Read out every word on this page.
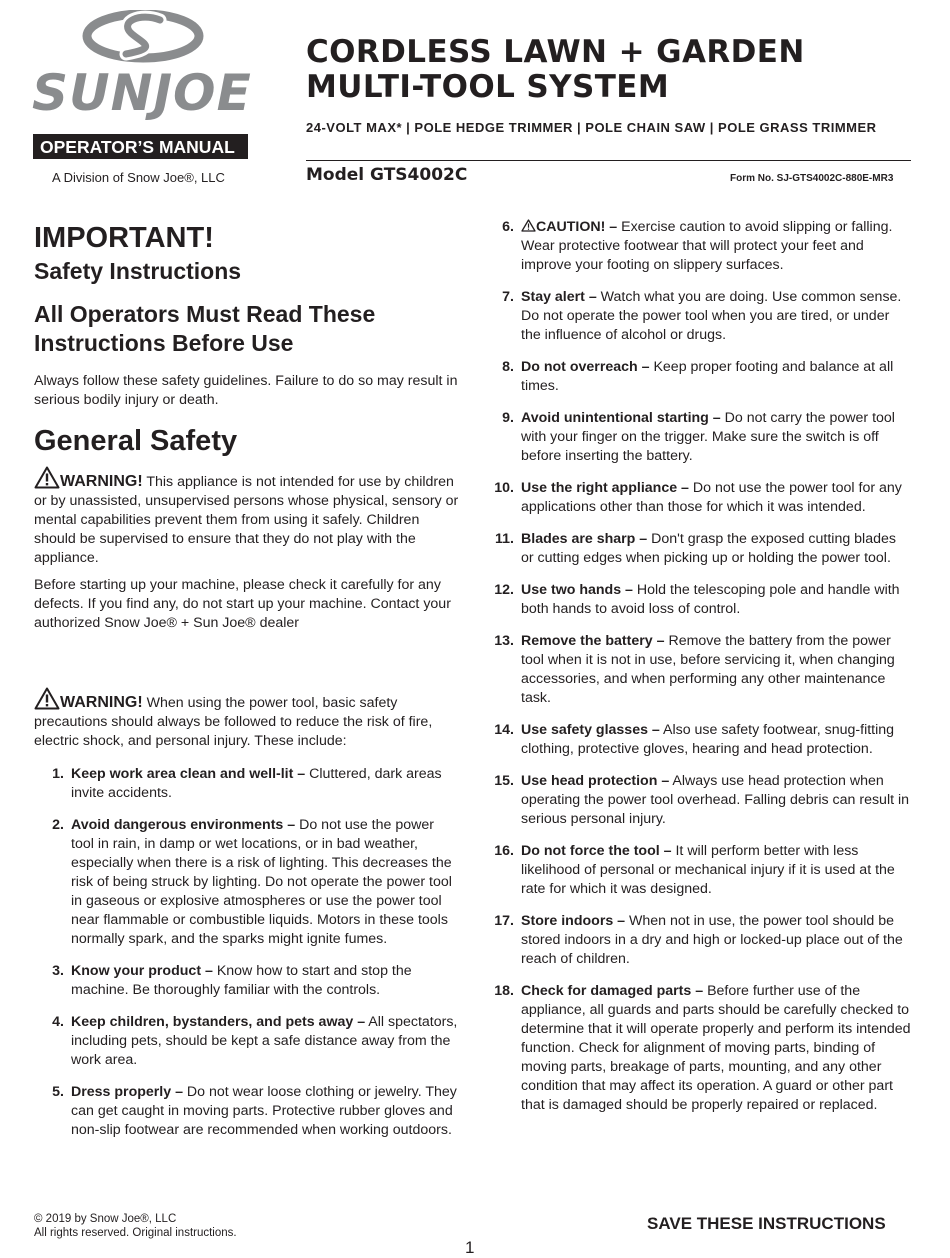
SUNJOE
OPERATOR’S MANUAL
A Division of Snow Joe®, LLC
CORDLESS LAWN + GARDEN
MULTI-TOOL SYSTEM
24-VOLT MAX* | POLE HEDGE TRIMMER | POLE CHAIN SAW | POLE GRASS TRIMMER
Model GTS4002C	Form No. SJ-GTS4002C-880E-MR3
IMPORTANT!
Safety Instructions
All Operators Must Read These
Instructions Before Use

Always follow these safety guidelines. Failure to do so may result in serious bodily injury or death.

General Safety

WARNING! This appliance is not intended for use by children or by unassisted, unsupervised persons whose physical, sensory or mental capabilities prevent them from using it safely. Children should be supervised to ensure that they do not play with the appliance.

Before starting up your machine, please check it carefully for any defects. If you find any, do not start up your machine. Contact your authorized Snow Joe® + Sun Joe® dealer

WARNING! When using the power tool, basic safety precautions should always be followed to reduce the risk of fire, electric shock, and personal injury. These include:

1. Keep work area clean and well-lit – Cluttered, dark areas invite accidents.
2. Avoid dangerous environments – Do not use the power tool in rain, in damp or wet locations, or in bad weather, especially when there is a risk of lighting. This decreases the risk of being struck by lighting. Do not operate the power tool in gaseous or explosive atmospheres or use the power tool near flammable or combustible liquids. Motors in these tools normally spark, and the sparks might ignite fumes.
3. Know your product – Know how to start and stop the machine. Be thoroughly familiar with the controls.
4. Keep children, bystanders, and pets away – All spectators, including pets, should be kept a safe distance away from the work area.
5. Dress properly – Do not wear loose clothing or jewelry. They can get caught in moving parts. Protective rubber gloves and non-slip footwear are recommended when working outdoors.
6.	CAUTION! – Exercise caution to avoid slipping or falling. Wear protective footwear that will protect your feet and improve your footing on slippery surfaces.
7. Stay alert – Watch what you are doing. Use common sense. Do not operate the power tool when you are tired, or under the influence of alcohol or drugs.
8. Do not overreach – Keep proper footing and balance at all times.
9. Avoid unintentional starting – Do not carry the power tool with your finger on the trigger. Make sure the switch is off before inserting the battery.
10. Use the right appliance – Do not use the power tool for any applications other than those for which it was intended.
11. Blades are sharp – Don't grasp the exposed cutting blades or cutting edges when picking up or holding the power tool.
12. Use two hands – Hold the telescoping pole and handle with both hands to avoid loss of control.
13. Remove the battery – Remove the battery from the power tool when it is not in use, before servicing it, when changing accessories, and when performing any other maintenance task.
14. Use safety glasses – Also use safety footwear, snug-fitting clothing, protective gloves, hearing and head protection.
15. Use head protection – Always use head protection when operating the power tool overhead. Falling debris can result in serious personal injury.
16. Do not force the tool – It will perform better with less likelihood of personal or mechanical injury if it is used at the rate for which it was designed.
17. Store indoors – When not in use, the power tool should be stored indoors in a dry and high or locked-up place out of the reach of children.
18. Check for damaged parts – Before further use of the appliance, all guards and parts should be carefully checked to determine that it will operate properly and perform its intended function. Check for alignment of moving parts, binding of moving parts, breakage of parts, mounting, and any other condition that may affect its operation. A guard or other part that is damaged should be properly repaired or replaced.
© 2019 by Snow Joe®, LLC
All rights reserved. Original instructions.	SAVE THESE INSTRUCTIONS
1
